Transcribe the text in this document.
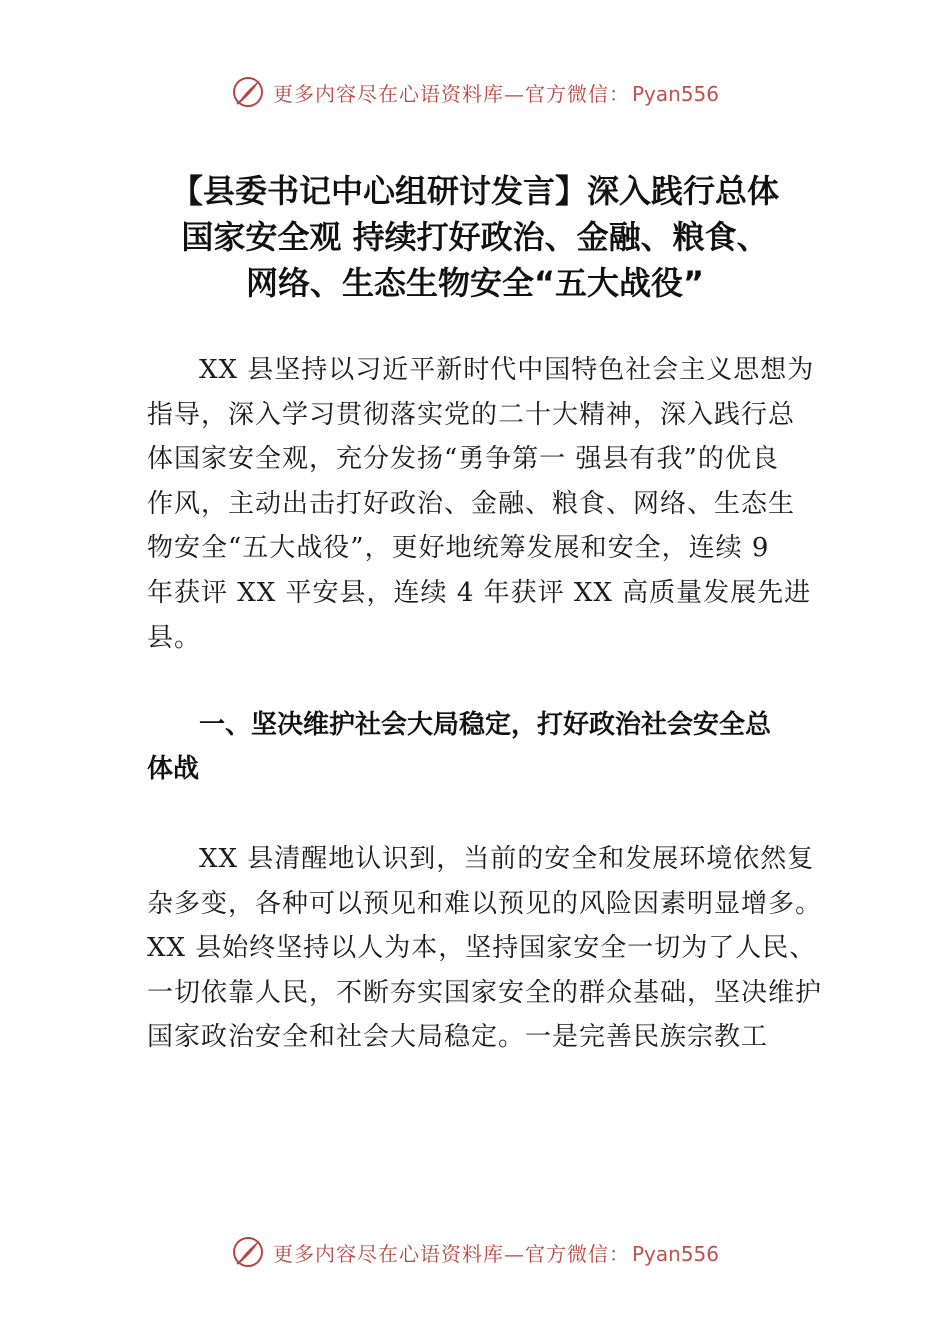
更多内容尽在心语资料库—官方微信： Pyan556
【县委书记中心组研讨发言】深入践行总体
国家安全观 持续打好政治、金融、粮食、
网络、生态生物安全“五大战役”
XX 县坚持以习近平新时代中国特色社会主义思想为
指导，深入学习贯彻落实党的二十大精神，深入践行总
体国家安全观，充分发扬“勇争第一 强县有我”的优良
作风，主动出击打好政治、金融、粮食、网络、生态生
物安全“五大战役”，更好地统筹发展和安全，连续 9
年获评 XX 平安县，连续 4 年获评 XX 高质量发展先进
县。
一、坚决维护社会大局稳定，打好政治社会安全总
体战
XX 县清醒地认识到，当前的安全和发展环境依然复
杂多变，各种可以预见和难以预见的风险因素明显增多。
XX 县始终坚持以人为本，坚持国家安全一切为了人民、
一切依靠人民，不断夯实国家安全的群众基础，坚决维护
国家政治安全和社会大局稳定。一是完善民族宗教工
更多内容尽在心语资料库—官方微信： Pyan556
